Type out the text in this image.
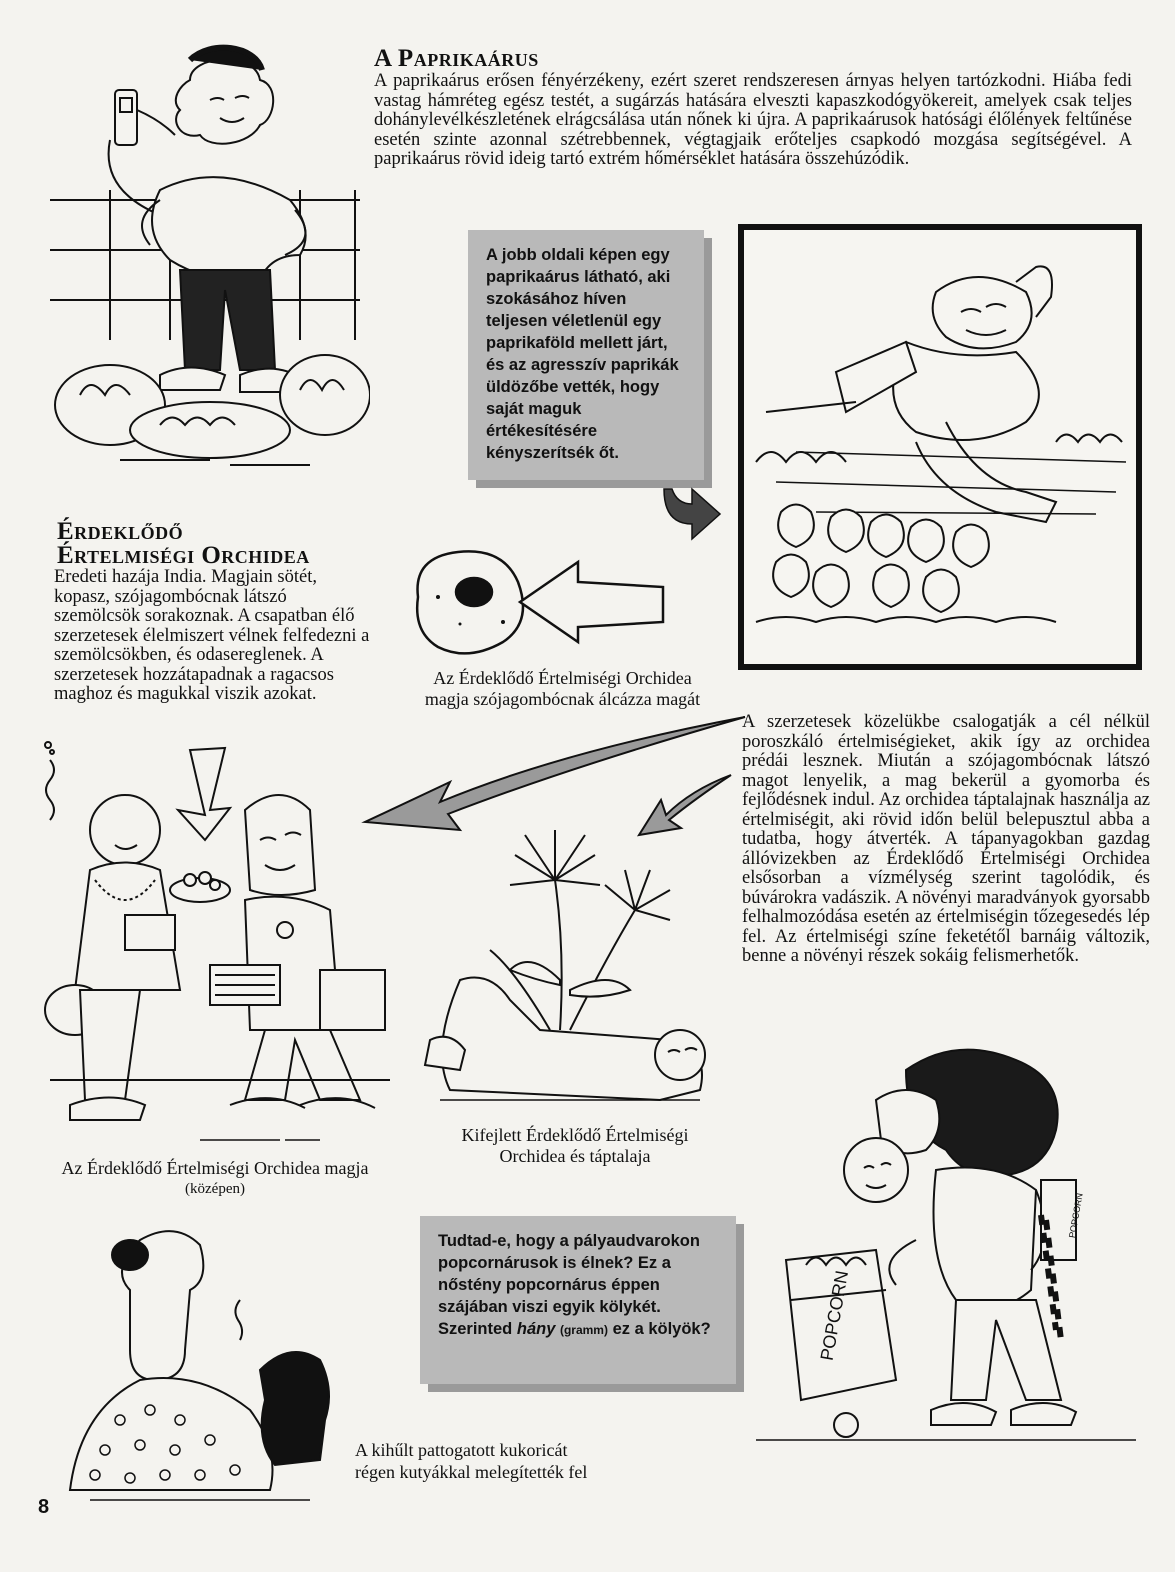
A Paprikaárus
A paprikaárus erősen fényérzékeny, ezért szeret rendszeresen árnyas helyen tartózkodni. Hiába fedi vastag hámréteg egész testét, a sugárzás hatására elveszti kapaszkodógyökereit, amelyek csak teljes dohánylevélkészletének elrágcsálása után nőnek ki újra. A paprikaárusok hatósági élőlények feltűnése esetén szinte azonnal szétrebbennek, végtagjaik erőteljes csapkodó mozgása segítségével. A paprikaárus rövid ideig tartó extrém hőmérséklet hatására összehúzódik.
A jobb oldali képen egy paprikaárus látható, aki szokásához híven teljesen véletlenül egy paprikaföld mellett járt, és az agresszív paprikák üldözőbe vették, hogy saját maguk értékesítésére kényszerítsék őt.
Érdeklődő
Értelmiségi Orchidea
Eredeti hazája India. Magjain sötét, kopasz, szójagombócnak látszó szemölcsök sorakoznak. A csapatban élő szerzetesek élelmiszert vélnek felfedezni a szemölcsökben, és odasereglenek. A szerzetesek hozzátapadnak a ragacsos maghoz és magukkal viszik azokat.
Az Érdeklődő Értelmiségi Orchidea magja szójagombócnak álcázza magát
A szerzetesek közelükbe csalogatják a cél nélkül poroszkáló értelmiségieket, akik így az orchidea prédái lesznek. Miután a szójagombócnak látszó magot lenyelik, a mag bekerül a gyomorba és fejlődésnek indul. Az orchidea táptalajnak használja az értelmiségit, aki rövid időn belül belepusztul abba a tudatba, hogy átverték. A tápanyagokban gazdag állóvizekben az Érdeklődő Értelmiségi Orchidea elsősorban a vízmélység szerint tagolódik, és búvárokra vadászik. A növényi maradványok gyorsabb felhalmozódása esetén az értelmiségin tőzegesedés lép fel. Az értelmiségi színe feketétől barnáig változik, benne a növényi részek sokáig felismerhetők.
Az Érdeklődő Értelmiségi Orchidea magja
(középen)
Kifejlett Érdeklődő Értelmiségi Orchidea és táptalaja
Tudtad-e, hogy a pályaudvarokon popcornárusok is élnek? Ez a nőstény popcornárus éppen szájában viszi egyik kölykét. Szerinted hány (gramm) ez a kölyök?	POPCORN
POPCORN
A kihűlt pattogatott kukoricát
régen kutyákkal melegítették fel
8
